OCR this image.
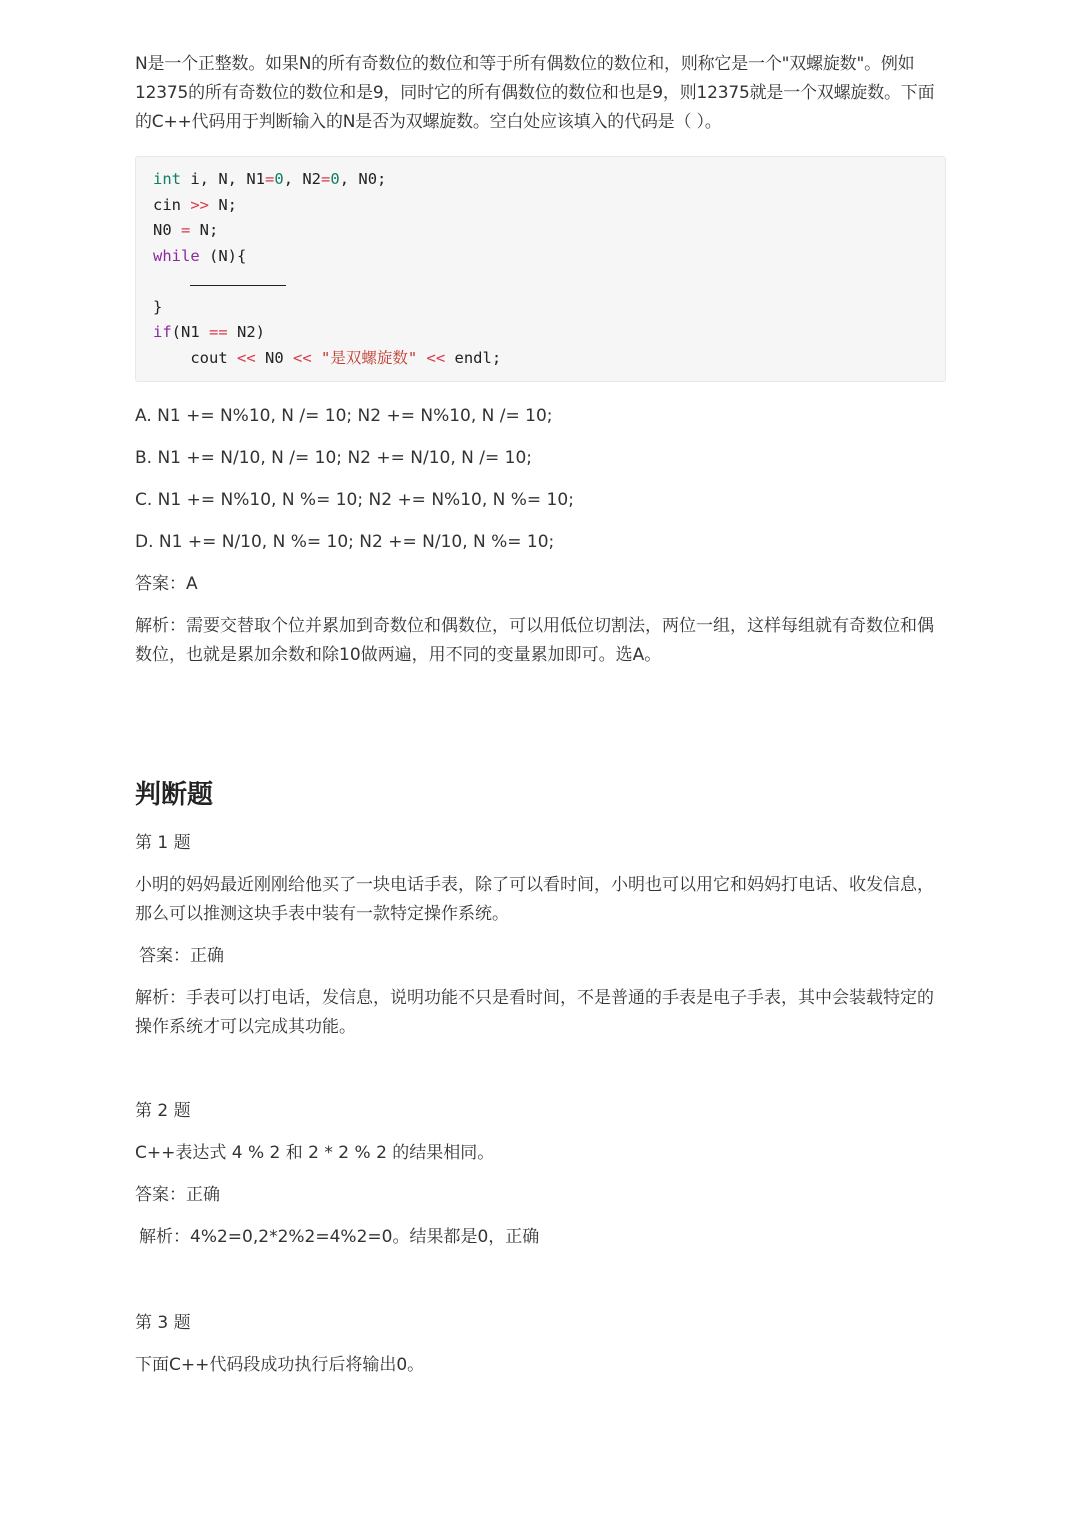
N是一个正整数。如果N的所有奇数位的数位和等于所有偶数位的数位和，则称它是一个"双螺旋数"。例如12375的所有奇数位的数位和是9，同时它的所有偶数位的数位和也是9，则12375就是一个双螺旋数。下面的C++代码用于判断输入的N是否为双螺旋数。空白处应该填入的代码是（ ）。

int i, N, N1=0, N2=0, N0;
cin >> N;
N0 = N;
while (N){

}
if(N1 == N2)
cout << N0 << "是双螺旋数" << endl;

A. N1 += N%10, N /= 10; N2 += N%10, N /= 10;

B. N1 += N/10, N /= 10; N2 += N/10, N /= 10;

C. N1 += N%10, N %= 10; N2 += N%10, N %= 10;

D. N1 += N/10, N %= 10; N2 += N/10, N %= 10;

答案：A

解析：需要交替取个位并累加到奇数位和偶数位，可以用低位切割法，两位一组，这样每组就有奇数位和偶数位，也就是累加余数和除10做两遍，用不同的变量累加即可。选A。

判断题

第 1 题

小明的妈妈最近刚刚给他买了一块电话手表，除了可以看时间，小明也可以用它和妈妈打电话、收发信息，那么可以推测这块手表中装有一款特定操作系统。

答案：正确

解析：手表可以打电话，发信息，说明功能不只是看时间，不是普通的手表是电子手表，其中会装载特定的操作系统才可以完成其功能。

第 2 题

C++表达式 4 % 2 和 2 * 2 % 2 的结果相同。

答案：正确

解析：4%2=0,2*2%2=4%2=0。结果都是0，正确

第 3 题

下面C++代码段成功执行后将输出0。
